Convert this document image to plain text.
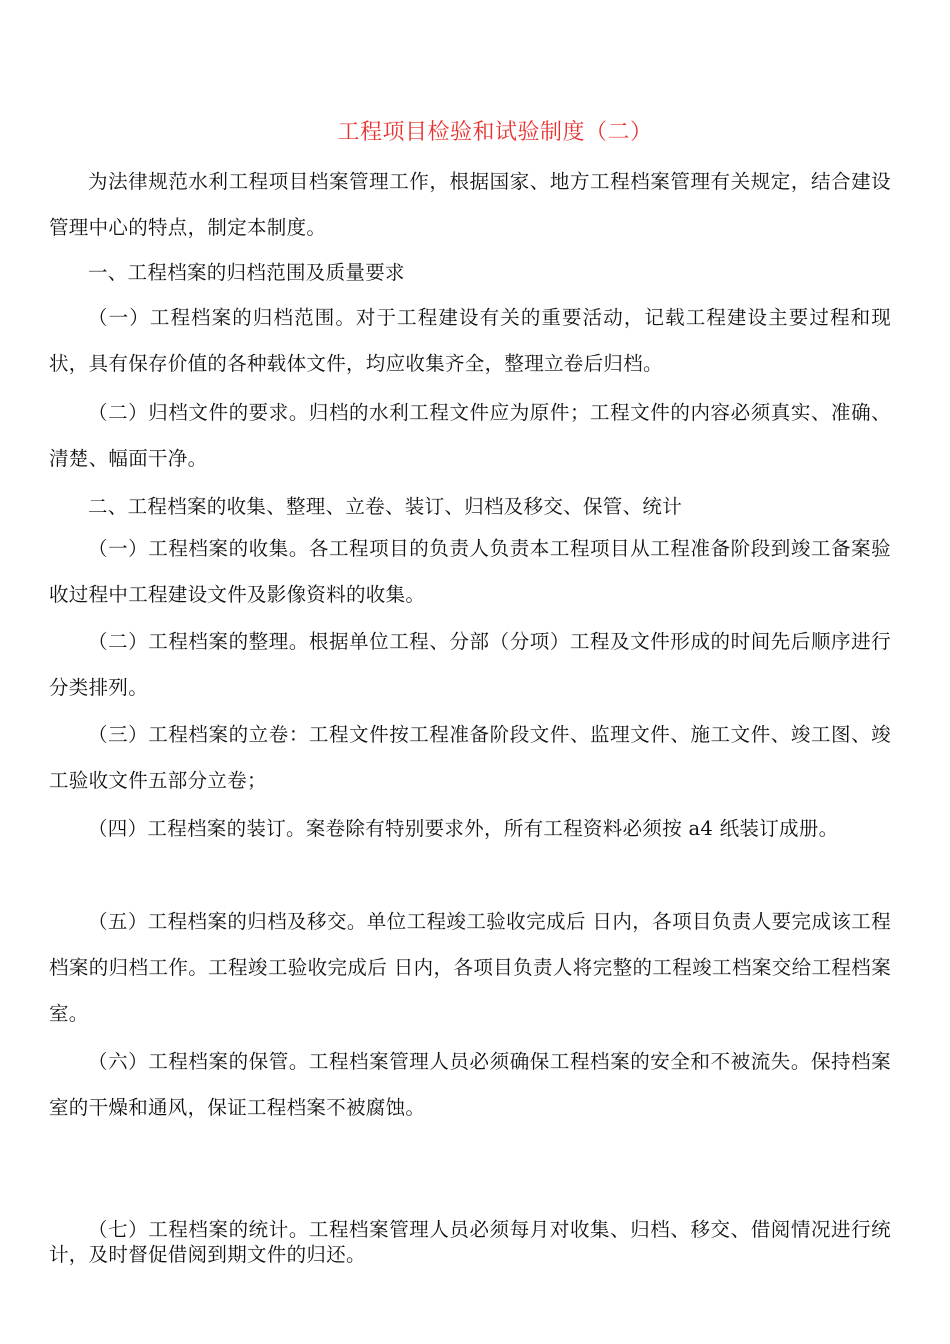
工程项目检验和试验制度（二）
为法律规范水利工程项目档案管理工作，根据国家、地方工程档案管理有关规定，结合建设管理中心的特点，制定本制度。
一、工程档案的归档范围及质量要求
（一）工程档案的归档范围。对于工程建设有关的重要活动，记载工程建设主要过程和现状，具有保存价值的各种载体文件，均应收集齐全，整理立卷后归档。
（二）归档文件的要求。归档的水利工程文件应为原件；工程文件的内容必须真实、准确、清楚、幅面干净。
二、工程档案的收集、整理、立卷、装订、归档及移交、保管、统计
（一）工程档案的收集。各工程项目的负责人负责本工程项目从工程准备阶段到竣工备案验收过程中工程建设文件及影像资料的收集。
（二）工程档案的整理。根据单位工程、分部（分项）工程及文件形成的时间先后顺序进行分类排列。
（三）工程档案的立卷：工程文件按工程准备阶段文件、监理文件、施工文件、竣工图、竣工验收文件五部分立卷；
（四）工程档案的装订。案卷除有特别要求外，所有工程资料必须按 a4 纸装订成册。
（五）工程档案的归档及移交。单位工程竣工验收完成后 日内，各项目负责人要完成该工程档案的归档工作。工程竣工验收完成后 日内，各项目负责人将完整的工程竣工档案交给工程档案室。
（六）工程档案的保管。工程档案管理人员必须确保工程档案的安全和不被流失。保持档案室的干燥和通风，保证工程档案不被腐蚀。
（七）工程档案的统计。工程档案管理人员必须每月对收集、归档、移交、借阅情况进行统计，及时督促借阅到期文件的归还。
